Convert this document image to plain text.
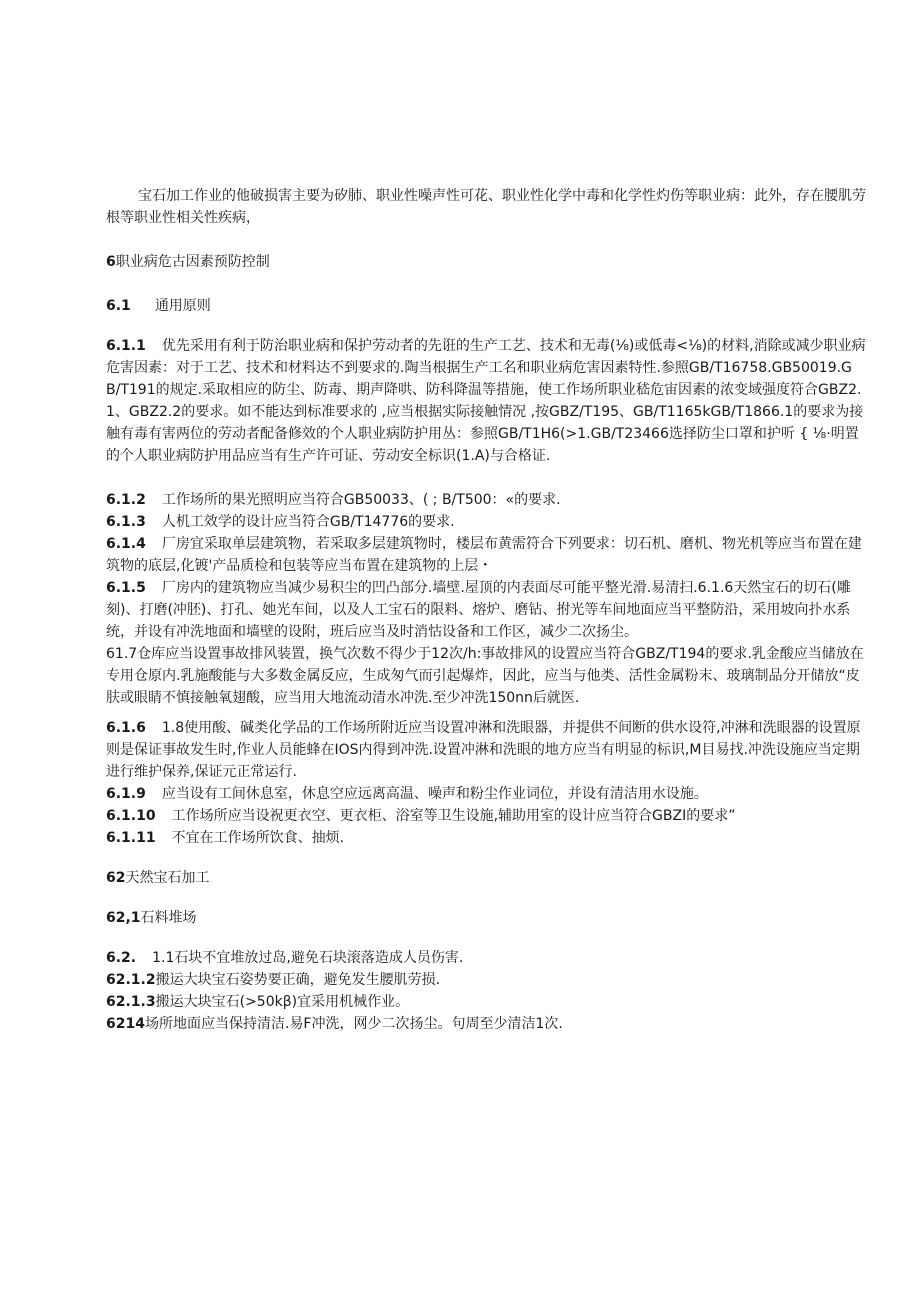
宝石加工作业的他破损害主要为矽肺、职业性噪声性可花、职业性化学中毒和化学性灼伤等职业病：此外，存在腰肌劳根等职业性相关性疾病，

6职业病危古因素预防控制

6.1 通用原则

6.1.1 优先采用有利于防治职业病和保护劳动者的先诳的生产工艺、技术和无毒(⅛)或低毒<⅛)的材料,消除或减少职业病危害因素：对于工艺、技术和材料达不到要求的.陶当根据生产工名和职业病危害因素特性.参照GB/T16758.GB50019.GB/T191的规定.采取相应的防尘、防毒、期声降哄、防科降温等措施，使工作场所职业嵇危宙因素的浓变域强度符合GBZ2.1、GBZ2.2的要求。如不能达到标准要求的 ,应当根据实际接触情况 ,按GBZ/T195、GB/T1165kGB/T1866.1的要求为接触有毒有害两位的劳动者配备修效的个人职业病防护用丛：参照GB/T1H6(>1.GB/T23466选择防尘口罩和护听 { ⅛·明置的个人职业病防护用品应当有生产许可证、劳动安全标识(1.A)与合格证.

6.1.2 工作场所的果光照明应当符合GB50033、( ; B/T500：«的要求.

6.1.3 人机工效学的设计应当符合GB/T14776的要求.

6.1.4 厂房宜采取单层建筑物，若采取多层建筑物时，楼层布黄需符合下列要求：切石机、磨机、物光机等应当布置在建筑物的底层,化镀'产品质检和包装等应当布置在建筑物的上层・

6.1.5 厂房内的建筑物应当减少易积尘的凹凸部分.墙壁.屋顶的内表面尽可能平整光滑.易清扫.6.1.6天然宝石的切石(雕刻)、打磨(冲胚)、打孔、她光车间，以及人工宝石的限料、熔炉、磨钻、拊光等车间地面应当平整防沿，采用坡向扑水系统，并设有冲洗地面和墙壁的设附，班后应当及时消怙设备和工作区，减少二次扬尘。

61.7仓库应当设置事故排风装置，换气次数不得少于12次/h:事故排风的设置应当符合GBZ/T194的要求.乳金酸应当储放在专用仓原内.乳施酸能与大多数金属反应，生成匆气而引起爆炸，因此，应当与他类、活性金属粉末、玻璃制品分开储放“皮肤或眼睛不慎接触氧翅酸，应当用大地流动清水冲洗.至少冲洗150nn后就医.

6.1.6 1.8使用酸、碱类化学品的工作场所附近应当设置冲淋和洗眼器，并提供不间断的供水设符,冲淋和洗眼器的设置原则是保证事故发生时,作业人员能蜂在IOS内得到冲洗.设置冲淋和洗眼的地方应当有明显的标识,M目易找.冲洗设施应当定期进行维护保养,保证元正常运行.

6.1.9 应当设有工间休息室，休息空应远离高温、噪声和粉尘作业词位，并设有清洁用水设施。

6.1.10 工作场所应当设祝更衣空、更衣柜、浴室等卫生设施,辅助用室的设计应当符合GBZI的要求”

6.1.11 不宜在工作场所饮食、抽烦.

62天然宝石加工

62,1石料堆场

6.2. 1.1石块不宜堆放过岛,避免石块滚落造成人员伤害.

62.1.2搬运大块宝石姿势要正确，避免发生腰肌劳损.

62.1.3搬运大块宝石(>50kβ)宜采用机械作业。

6214场所地面应当保持清洁.易F冲洗，网少二次扬尘。句周至少清洁1次.
